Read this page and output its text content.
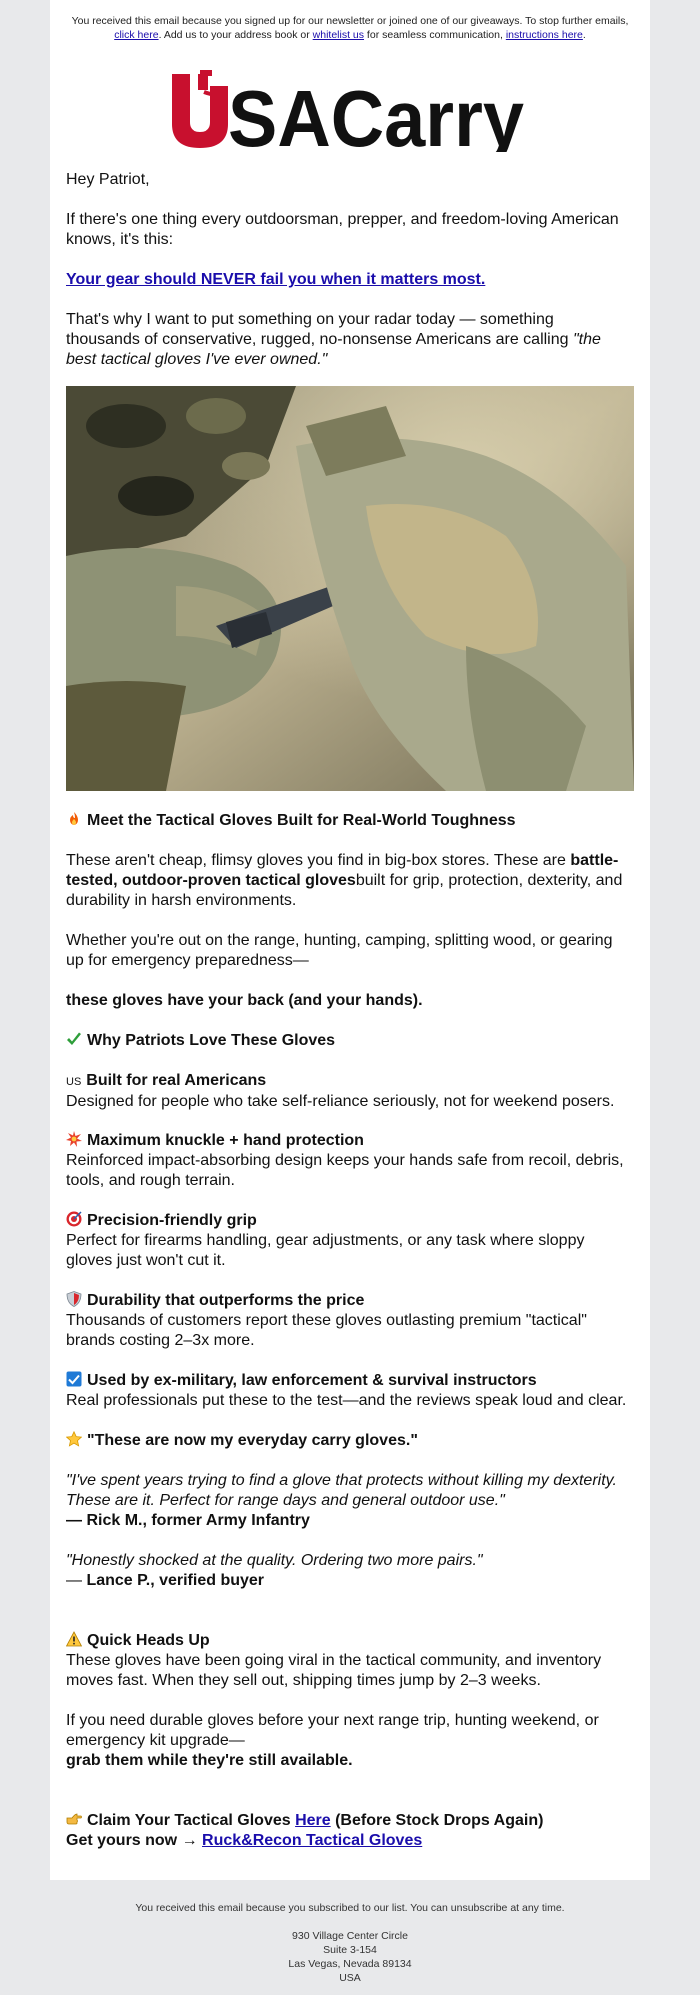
You received this email because you signed up for our newsletter or joined one of our giveaways. To stop further emails, click here. Add us to your address book or whitelist us for seamless communication, instructions here.
SACarry
Hey Patriot,
If there's one thing every outdoorsman, prepper, and freedom-loving American knows, it's this:
Your gear should NEVER fail you when it matters most.
That's why I want to put something on your radar today — something thousands of conservative, rugged, no-nonsense Americans are calling "the best tactical gloves I've ever owned."
Meet the Tactical Gloves Built for Real-World Toughness
These aren't cheap, flimsy gloves you find in big-box stores. These are battle-tested, outdoor-proven tactical glovesbuilt for grip, protection, dexterity, and durability in harsh environments.
Whether you're out on the range, hunting, camping, splitting wood, or gearing up for emergency preparedness—
these gloves have your back (and your hands).
Why Patriots Love These Gloves
US Built for real Americans
Designed for people who take self-reliance seriously, not for weekend posers.
Maximum knuckle + hand protection
Reinforced impact-absorbing design keeps your hands safe from recoil, debris, tools, and rough terrain.
Precision-friendly grip
Perfect for firearms handling, gear adjustments, or any task where sloppy gloves just won't cut it.
Durability that outperforms the price
Thousands of customers report these gloves outlasting premium "tactical" brands costing 2–3x more.
Used by ex-military, law enforcement & survival instructors
Real professionals put these to the test—and the reviews speak loud and clear.
"These are now my everyday carry gloves."
"I've spent years trying to find a glove that protects without killing my dexterity. These are it. Perfect for range days and general outdoor use."
— Rick M., former Army Infantry
"Honestly shocked at the quality. Ordering two more pairs."
— Lance P., verified buyer
Quick Heads Up
These gloves have been going viral in the tactical community, and inventory moves fast. When they sell out, shipping times jump by 2–3 weeks.
If you need durable gloves before your next range trip, hunting weekend, or emergency kit upgrade—
grab them while they're still available.
Claim Your Tactical Gloves Here (Before Stock Drops Again)
Get yours now → Ruck&Recon Tactical Gloves
You received this email because you subscribed to our list. You can unsubscribe at any time.
930 Village Center Circle
Suite 3-154
Las Vegas, Nevada 89134
USA
